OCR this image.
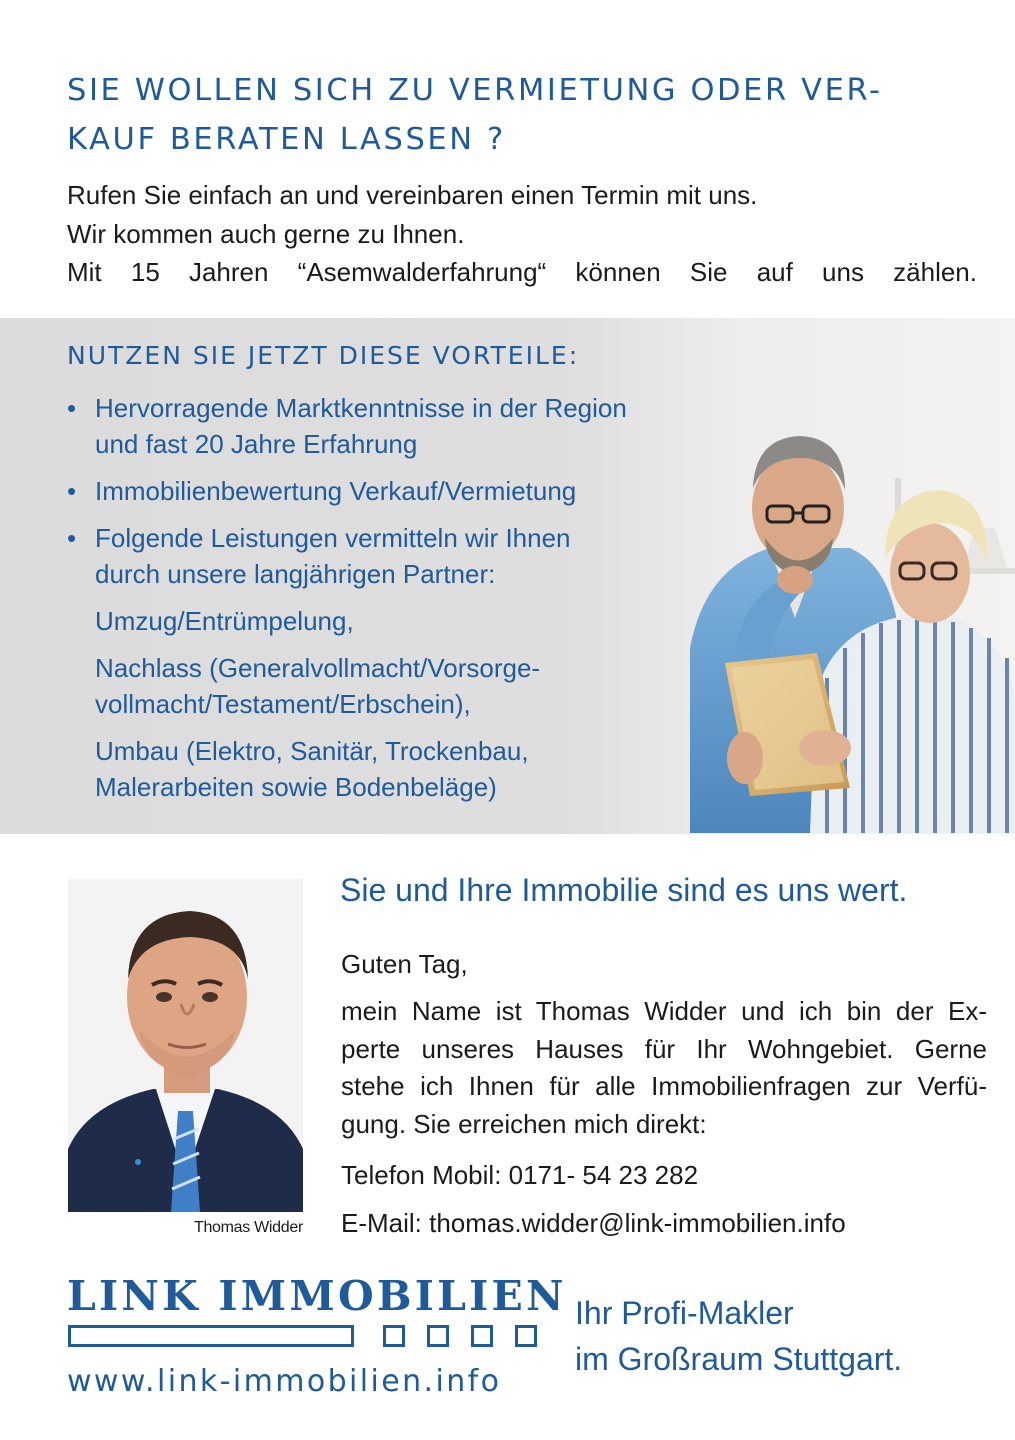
SIE WOLLEN SICH ZU VERMIETUNG ODER VER-
KAUF BERATEN LASSEN ?
Rufen Sie einfach an und vereinbaren einen Termin mit uns.
Wir kommen auch gerne zu Ihnen.
Mit 15 Jahren “Asemwalderfahrung“ können Sie auf uns zählen.
NUTZEN SIE JETZT DIESE VORTEILE:
• Hervorragende Marktkenntnisse in der Region
und fast 20 Jahre Erfahrung
• Immobilienbewertung Verkauf/Vermietung
• Folgende Leistungen vermitteln wir Ihnen
durch unsere langjährigen Partner:
Umzug/Entrümpelung,
Nachlass (Generalvollmacht/Vorsorge-
vollmacht/Testament/Erbschein),
Umbau (Elektro, Sanitär, Trockenbau,
Malerarbeiten sowie Bodenbeläge)
Thomas Widder
Sie und Ihre Immobilie sind es uns wert.
Guten Tag,
mein Name ist Thomas Widder und ich bin der Ex-
perte unseres Hauses für Ihr Wohngebiet. Gerne
stehe ich Ihnen für alle Immobilienfragen zur Verfü-
gung. Sie erreichen mich direkt:
Telefon Mobil: 0171- 54 23 282
E-Mail: thomas.widder@link-immobilien.info
LINK IMMOBILIEN
www.link-immobilien.info
Ihr Profi-Makler
im Großraum Stuttgart.
